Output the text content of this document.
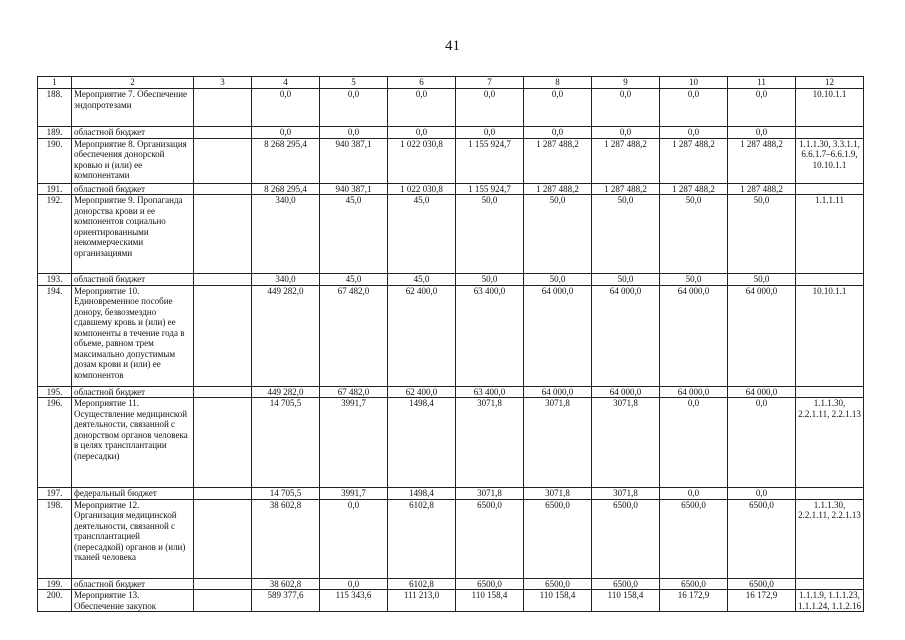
41
1	2	3	4	5	6	7	8	9	10	11	12
188.	Мероприятие 7. Обеспечение эндопротезами		0,0	0,0	0,0	0,0	0,0	0,0	0,0	0,0	10.10.1.1
189.	областной бюджет		0,0	0,0	0,0	0,0	0,0	0,0	0,0	0,0	
190.	Мероприятие 8. Организация обеспечения донорской кровью и (или) ее компонентами		8 268 295,4	940 387,1	1 022 030,8	1 155 924,7	1 287 488,2	1 287 488,2	1 287 488,2	1 287 488,2	1.1.1.30, 3.3.1.1, 6.6.1.7–6.6.1.9, 10.10.1.1
191.	областной бюджет		8 268 295,4	940 387,1	1 022 030,8	1 155 924,7	1 287 488,2	1 287 488,2	1 287 488,2	1 287 488,2	
192.	Мероприятие 9. Пропаганда донорства крови и ее компонентов социально ориентированными некоммерческими организациями		340,0	45,0	45,0	50,0	50,0	50,0	50,0	50,0	1.1.1.11
193.	областной бюджет		340,0	45,0	45,0	50,0	50,0	50,0	50,0	50,0	
194.	Мероприятие 10. Единовременное пособие донору, безвозмездно сдавшему кровь и (или) ее компоненты в течение года в объеме, равном трем максимально допустимым дозам крови и (или) ее компонентов		449 282,0	67 482,0	62 400,0	63 400,0	64 000,0	64 000,0	64 000,0	64 000,0	10.10.1.1
195.	областной бюджет		449 282,0	67 482,0	62 400,0	63 400,0	64 000,0	64 000,0	64 000,0	64 000,0	
196.	Мероприятие 11. Осуществление медицинской деятельности, связанной с донорством органов человека в целях трансплантации (пересадки)		14 705,5	3991,7	1498,4	3071,8	3071,8	3071,8	0,0	0,0	1.1.1.30, 2.2.1.11, 2.2.1.13
197.	федеральный бюджет		14 705,5	3991,7	1498,4	3071,8	3071,8	3071,8	0,0	0,0	
198.	Мероприятие 12. Организация медицинской деятельности, связанной с трансплантацией (пересадкой) органов и (или) тканей человека		38 602,8	0,0	6102,8	6500,0	6500,0	6500,0	6500,0	6500,0	1.1.1.30, 2.2.1.11, 2.2.1.13
199.	областной бюджет		38 602,8	0,0	6102,8	6500,0	6500,0	6500,0	6500,0	6500,0	
200.	Мероприятие 13. Обеспечение закупок		589 377,6	115 343,6	111 213,0	110 158,4	110 158,4	110 158,4	16 172,9	16 172,9	1.1.1.9, 1.1.1.23, 1.1.1.24, 1.1.2.16
